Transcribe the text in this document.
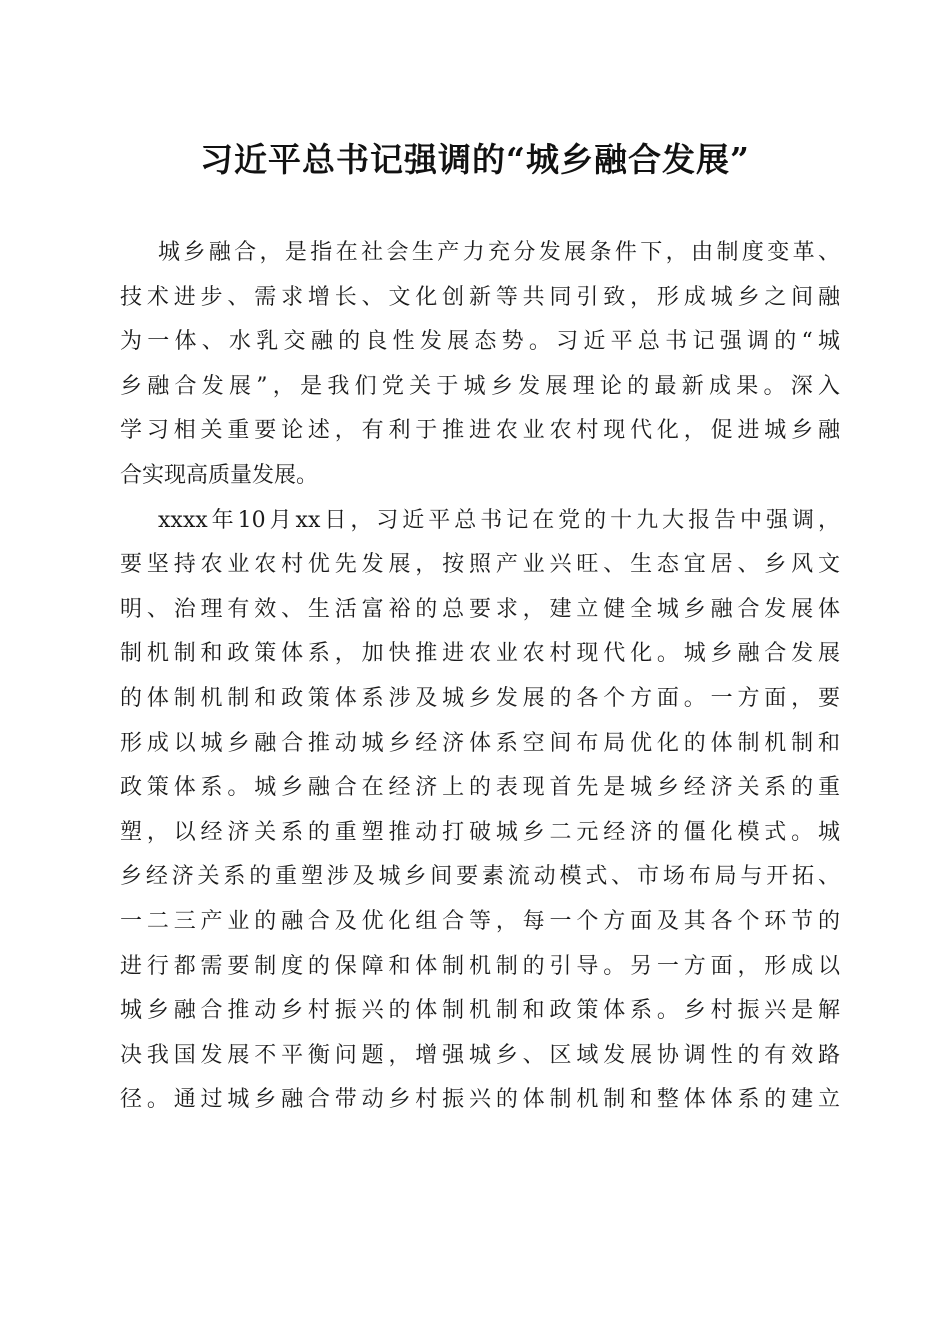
习近平总书记强调的“城乡融合发展”
城乡融合，是指在社会生产力充分发展条件下，由制度变革、
技术进步、需求增长、文化创新等共同引致，形成城乡之间融
为一体、水乳交融的良性发展态势。习近平总书记强调的“城
乡融合发展”，是我们党关于城乡发展理论的最新成果。深入
学习相关重要论述，有利于推进农业农村现代化，促进城乡融
合实现高质量发展。
xxxx年10月xx日，习近平总书记在党的十九大报告中强调，
要坚持农业农村优先发展，按照产业兴旺、生态宜居、乡风文
明、治理有效、生活富裕的总要求，建立健全城乡融合发展体
制机制和政策体系，加快推进农业农村现代化。城乡融合发展
的体制机制和政策体系涉及城乡发展的各个方面。一方面，要
形成以城乡融合推动城乡经济体系空间布局优化的体制机制和
政策体系。城乡融合在经济上的表现首先是城乡经济关系的重
塑，以经济关系的重塑推动打破城乡二元经济的僵化模式。城
乡经济关系的重塑涉及城乡间要素流动模式、市场布局与开拓、
一二三产业的融合及优化组合等，每一个方面及其各个环节的
进行都需要制度的保障和体制机制的引导。另一方面，形成以
城乡融合推动乡村振兴的体制机制和政策体系。乡村振兴是解
决我国发展不平衡问题，增强城乡、区域发展协调性的有效路
径。通过城乡融合带动乡村振兴的体制机制和整体体系的建立
